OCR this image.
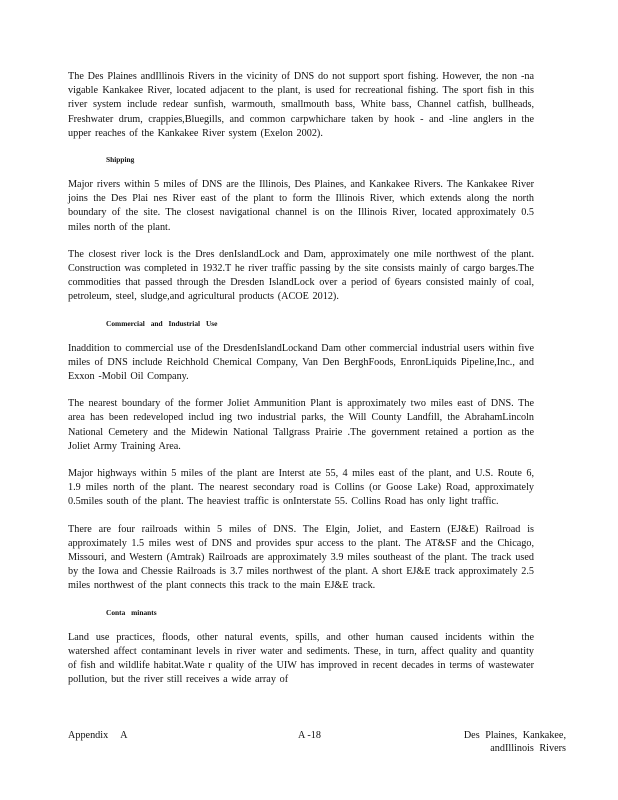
The Des Plaines andIllinois Rivers in the vicinity of DNS do not support sport fishing. However, the non -na vigable Kankakee River, located adjacent to the plant, is used for recreational fishing. The sport fish in this river system include redear sunfish, warmouth, smallmouth bass, White bass, Channel catfish, bullheads, Freshwater drum, crappies,Bluegills, and common carpwhichare taken by hook - and -line anglers in the upper reaches of the Kankakee River system (Exelon 2002).

Shipping

Major rivers within 5 miles of DNS are the Illinois, Des Plaines, and Kankakee Rivers. The Kankakee River joins the Des Plai nes River east of the plant to form the Illinois River, which extends along the north boundary of the site. The closest navigational channel is on the Illinois River, located approximately 0.5 miles north of the plant.

The closest river lock is the Dres denIslandLock and Dam, approximately one mile northwest of the plant. Construction was completed in 1932.T he river traffic passing by the site consists mainly of cargo barges.The commodities that passed through the Dresden IslandLock over a period of 6years consisted mainly of coal, petroleum, steel, sludge,and agricultural products (ACOE 2012).

Commercial and Industrial Use

Inaddition to commercial use of the DresdenIslandLockand Dam other commercial industrial users within five miles of DNS include Reichhold Chemical Company, Van Den BerghFoods, EnronLiquids Pipeline,Inc., and Exxon -Mobil Oil Company.

The nearest boundary of the former Joliet Ammunition Plant is approximately two miles east of DNS. The area has been redeveloped includ ing two industrial parks, the Will County Landfill, the AbrahamLincoln National Cemetery and the Midewin National Tallgrass Prairie .The government retained a portion as the Joliet Army Training Area.

Major highways within 5 miles of the plant are Interst ate 55, 4 miles east of the plant, and U.S. Route 6, 1.9 miles north of the plant. The nearest secondary road is Collins (or Goose Lake) Road, approximately 0.5miles south of the plant. The heaviest traffic is onInterstate 55. Collins Road has only light traffic.

There are four railroads within 5 miles of DNS. The Elgin, Joliet, and Eastern (EJ&E) Railroad is approximately 1.5 miles west of DNS and provides spur access to the plant. The AT&SF and the Chicago, Missouri, and Western (Amtrak) Railroads are approximately 3.9 miles southeast of the plant. The track used by the Iowa and Chessie Railroads is 3.7 miles northwest of the plant. A short EJ&E track approximately 2.5 miles northwest of the plant connects this track to the main EJ&E track.

Conta minants

Land use practices, floods, other natural events, spills, and other human caused incidents within the watershed affect contaminant levels in river water and sediments. These, in turn, affect quality and quantity of fish and wildlife habitat.Wate r quality of the UIW has improved in recent decades in terms of wastewater pollution, but the river still receives a wide array of

Appendix A	A -18	Des Plaines, Kankakee, andIllinois Rivers
